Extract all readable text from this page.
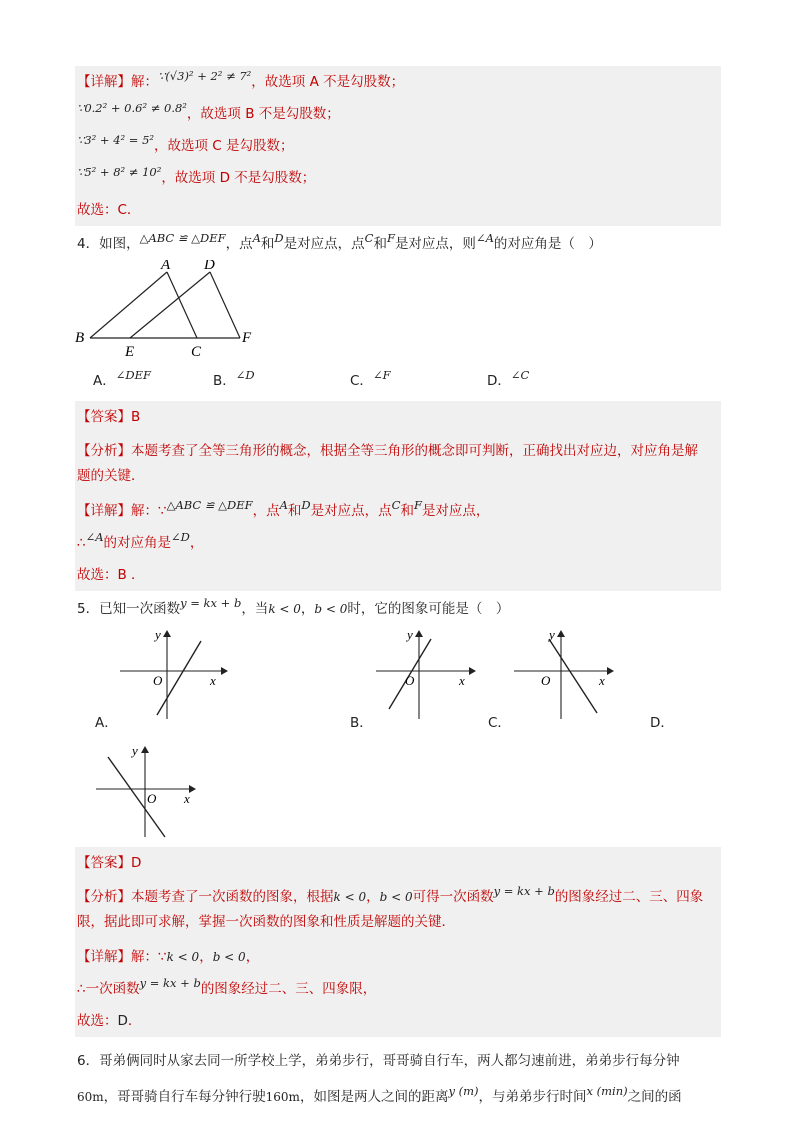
【详解】解：∵(√3)² + 2² ≠ 7²，故选项 A 不是勾股数；
∵0.2² + 0.6² ≠ 0.8²，故选项 B 不是勾股数；
∵3² + 4² = 5²，故选项 C 是勾股数；
∵5² + 8² ≠ 10²，故选项 D 不是勾股数；
故选：C．
4．如图，△ABC ≌ △DEF，点A和D是对应点，点C和F是对应点，则∠A的对应角是（　）
A D
B
E	C
F
A．∠DEF	B．∠D	C．∠F	D．∠C
【答案】B
【分析】本题考查了全等三角形的概念，根据全等三角形的概念即可判断，正确找出对应边，对应角是解
题的关键．
【详解】解：∵△ABC ≌ △DEF，点A和D是对应点，点C和F是对应点，
∴∠A的对应角是∠D，
故选：B ．
5．已知一次函数y = kx + b，当k < 0，b < 0时，它的图象可能是（　）
y
x
O
y
x
O
y
x
O
A．	B．	C．	D．
y
x
O
【答案】D
【分析】本题考查了一次函数的图象，根据k < 0，b < 0可得一次函数y = kx + b的图象经过二、三、四象
限，据此即可求解，掌握一次函数的图象和性质是解题的关键．
【详解】解：∵k < 0，b < 0，
∴一次函数y = kx + b的图象经过二、三、四象限，
故选：D．
6．哥弟俩同时从家去同一所学校上学，弟弟步行，哥哥骑自行车，两人都匀速前进，弟弟步行每分钟
60m，哥哥骑自行车每分钟行驶160m，如图是两人之间的距离y (m)，与弟弟步行时间x (min)之间的函
